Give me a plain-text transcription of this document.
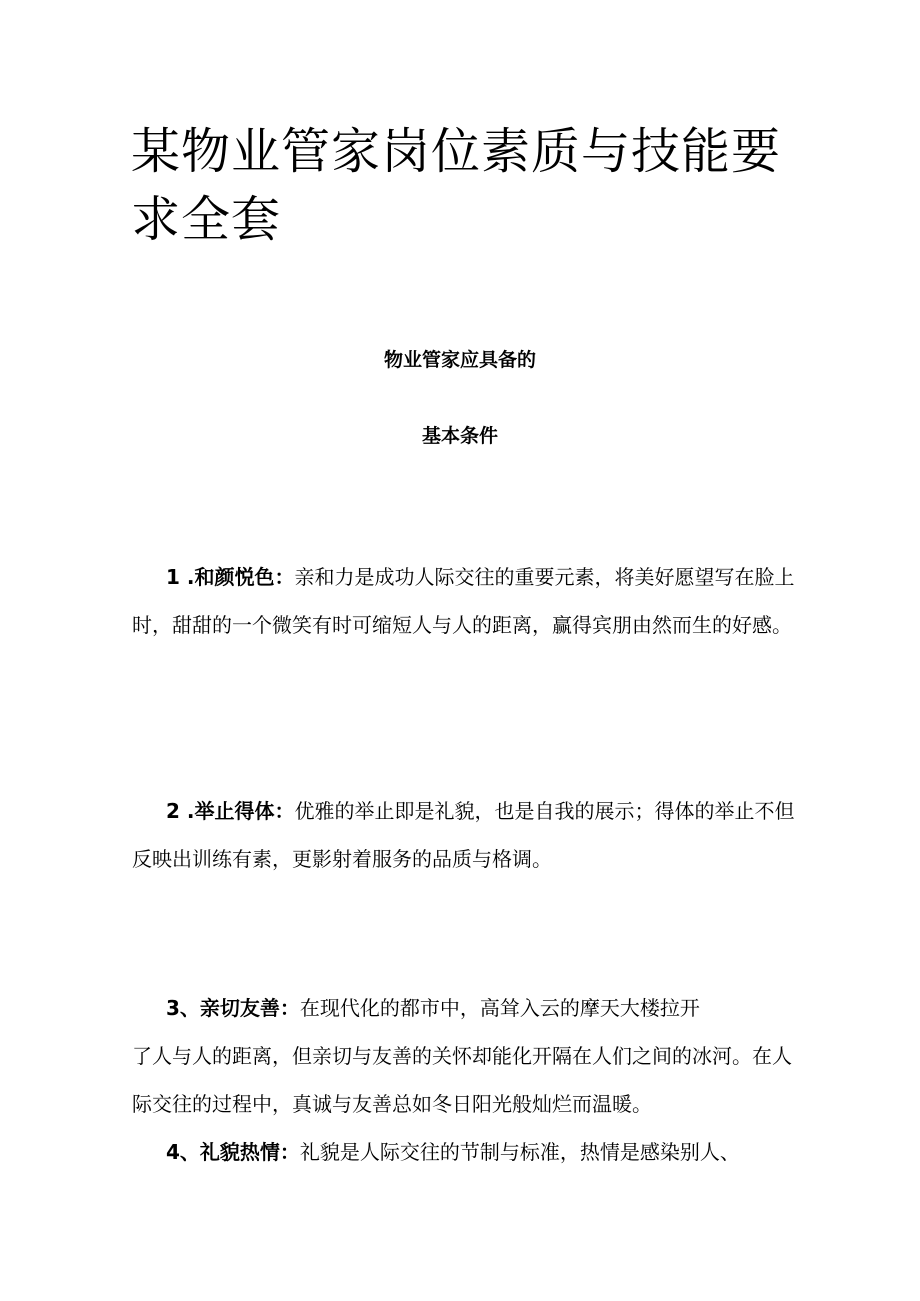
某物业管家岗位素质与技能要求全套

物业管家应具备的

基本条件

1 .和颜悦色：亲和力是成功人际交往的重要元素，将美好愿望写在脸上时，甜甜的一个微笑有时可缩短人与人的距离，赢得宾朋由然而生的好感。

2 .举止得体：优雅的举止即是礼貌，也是自我的展示；得体的举止不但反映出训练有素，更影射着服务的品质与格调。

3、亲切友善：在现代化的都市中，高耸入云的摩天大楼拉开
了人与人的距离，但亲切与友善的关怀却能化开隔在人们之间的冰河。在人际交往的过程中，真诚与友善总如冬日阳光般灿烂而温暖。

4、礼貌热情：礼貌是人际交往的节制与标准，热情是感染别人、
